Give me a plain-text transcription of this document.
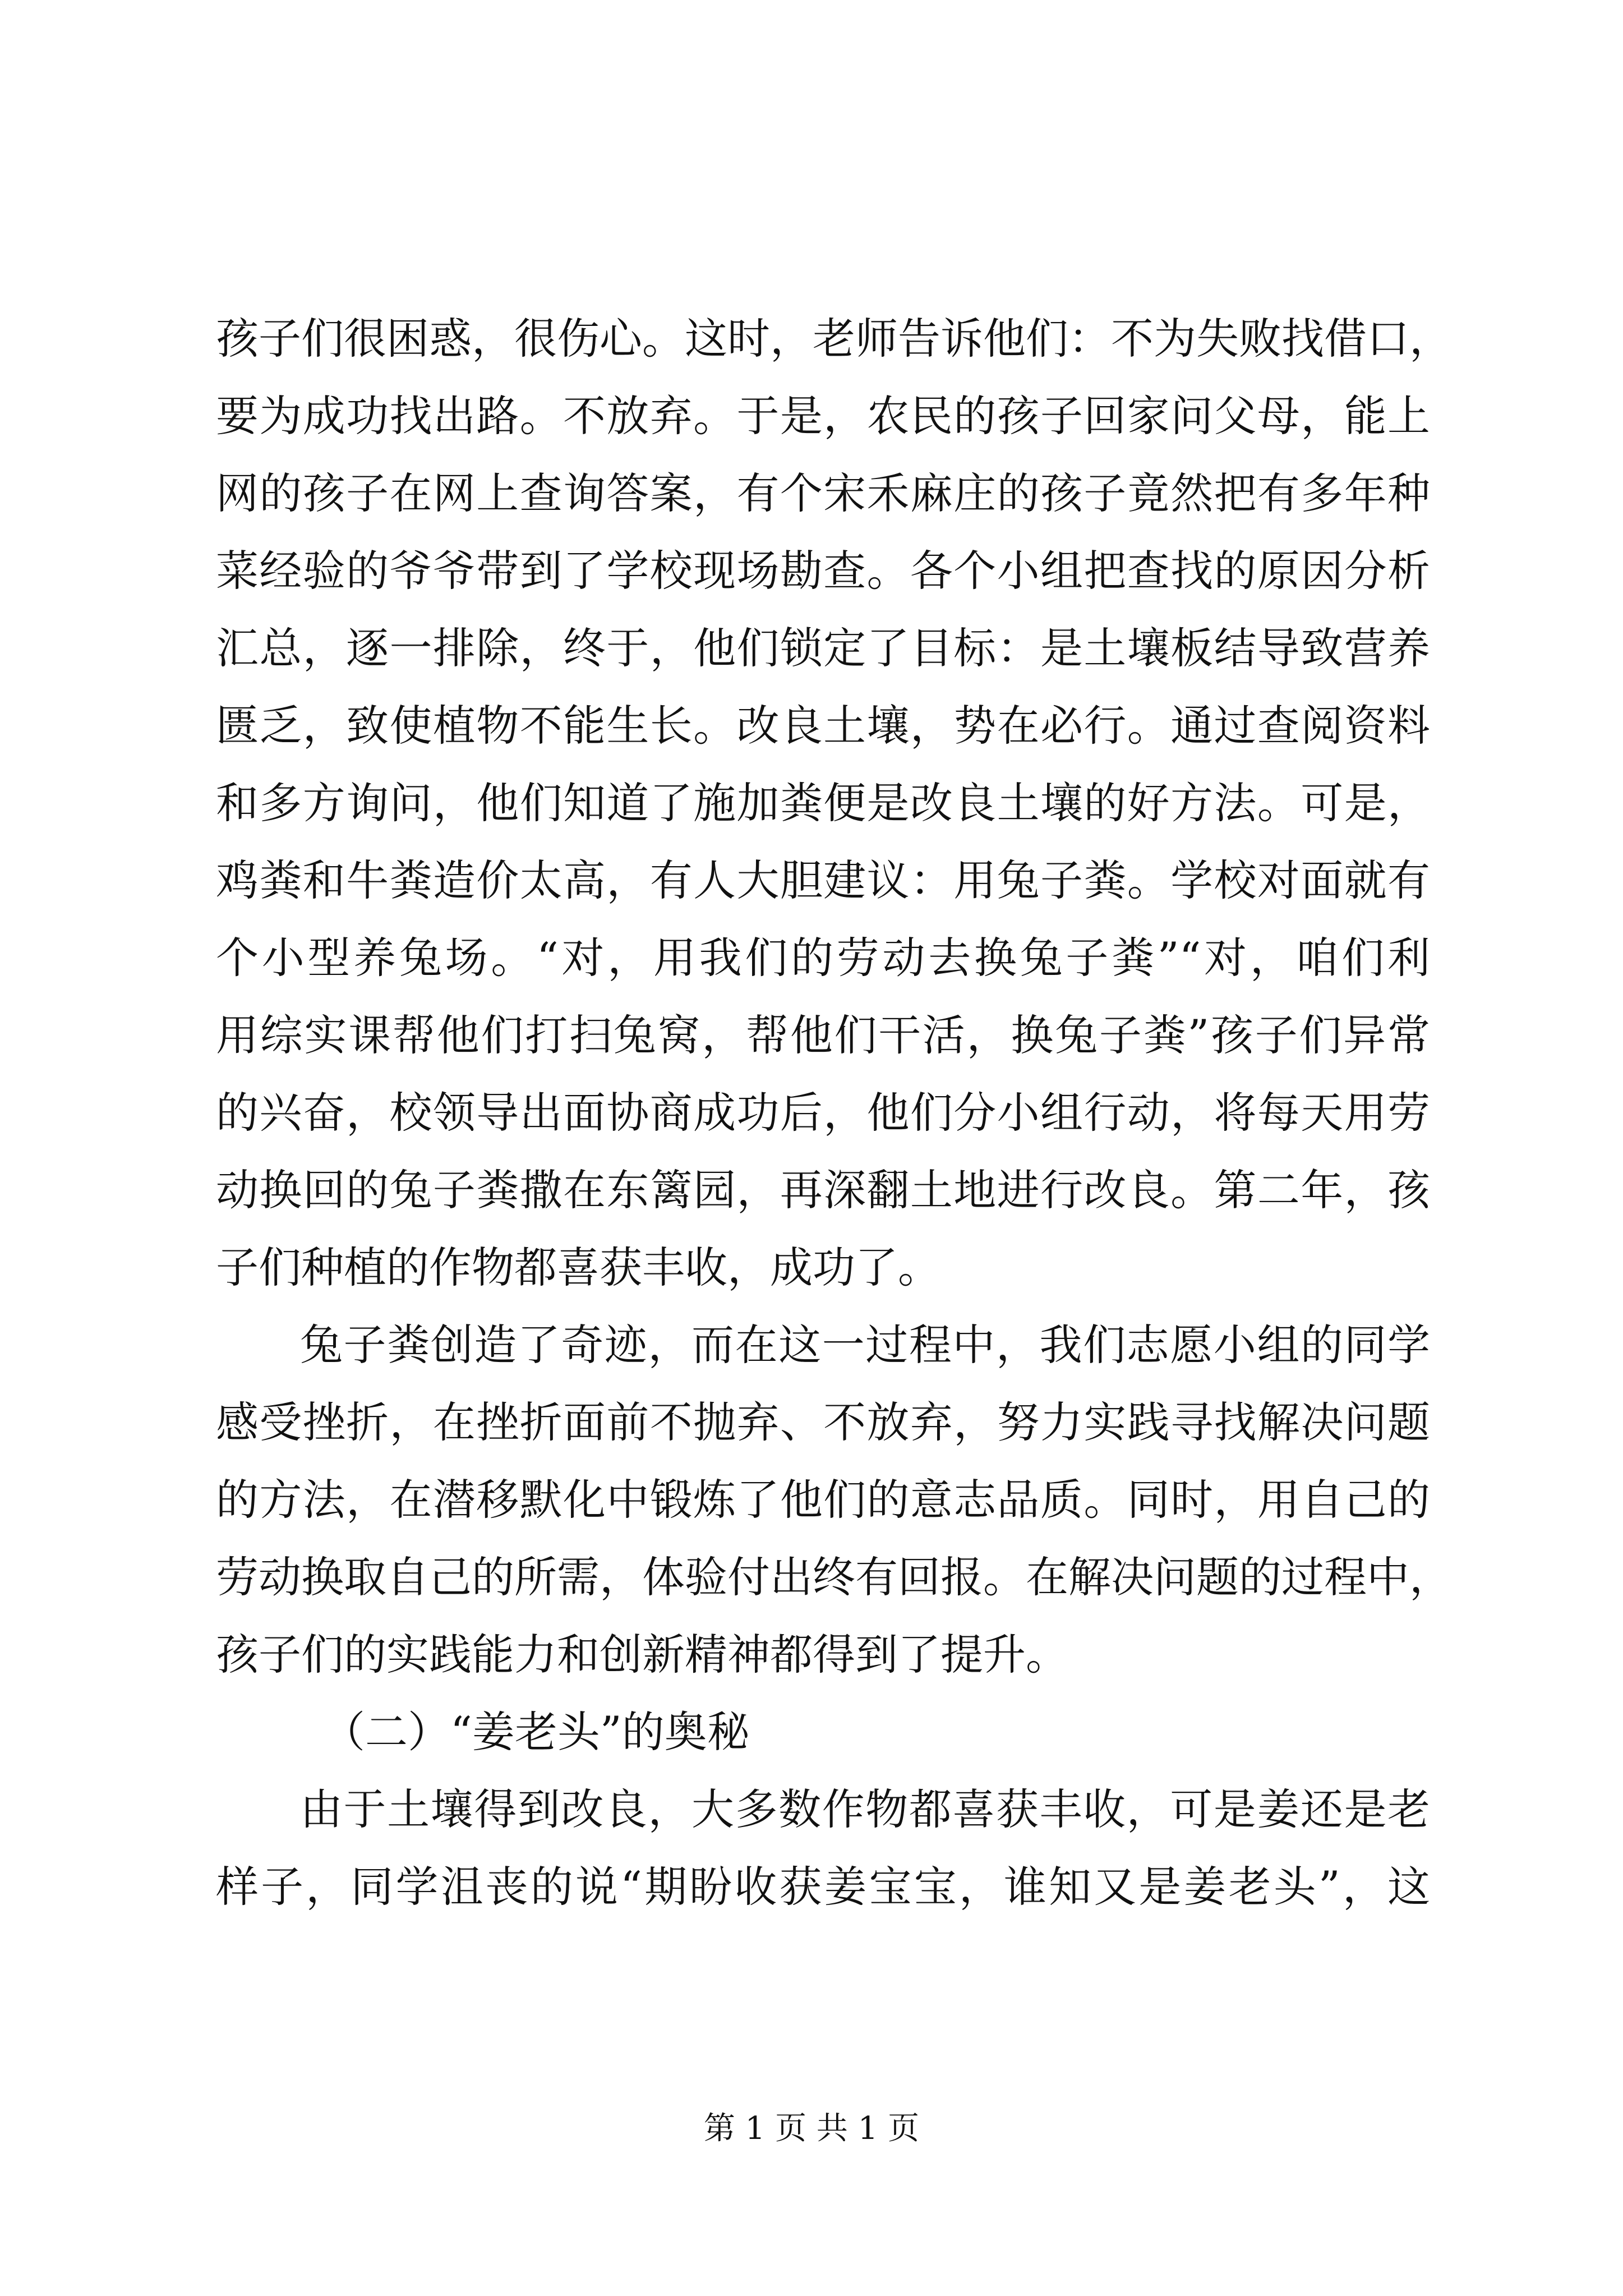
孩子们很困惑，很伤心。这时，老师告诉他们：不为失败找借口，
要为成功找出路。不放弃。于是，农民的孩子回家问父母，能上
网的孩子在网上查询答案，有个宋禾麻庄的孩子竟然把有多年种
菜经验的爷爷带到了学校现场勘查。各个小组把查找的原因分析
汇总，逐一排除，终于，他们锁定了目标：是土壤板结导致营养
匮乏，致使植物不能生长。改良土壤，势在必行。通过查阅资料
和多方询问，他们知道了施加粪便是改良土壤的好方法。可是，
鸡粪和牛粪造价太高，有人大胆建议：用兔子粪。学校对面就有
个小型养兔场。“对，用我们的劳动去换兔子粪”“对，咱们利
用综实课帮他们打扫兔窝，帮他们干活，换兔子粪”孩子们异常
的兴奋，校领导出面协商成功后，他们分小组行动，将每天用劳
动换回的兔子粪撒在东篱园，再深翻土地进行改良。第二年，孩
子们种植的作物都喜获丰收，成功了。
兔子粪创造了奇迹，而在这一过程中，我们志愿小组的同学
感受挫折，在挫折面前不抛弃、不放弃，努力实践寻找解决问题
的方法，在潜移默化中锻炼了他们的意志品质。同时，用自己的
劳动换取自己的所需，体验付出终有回报。在解决问题的过程中，
孩子们的实践能力和创新精神都得到了提升。
（二）“姜老头”的奥秘
由于土壤得到改良，大多数作物都喜获丰收，可是姜还是老
样子，同学沮丧的说“期盼收获姜宝宝，谁知又是姜老头”，这
第 1 页 共 1 页
